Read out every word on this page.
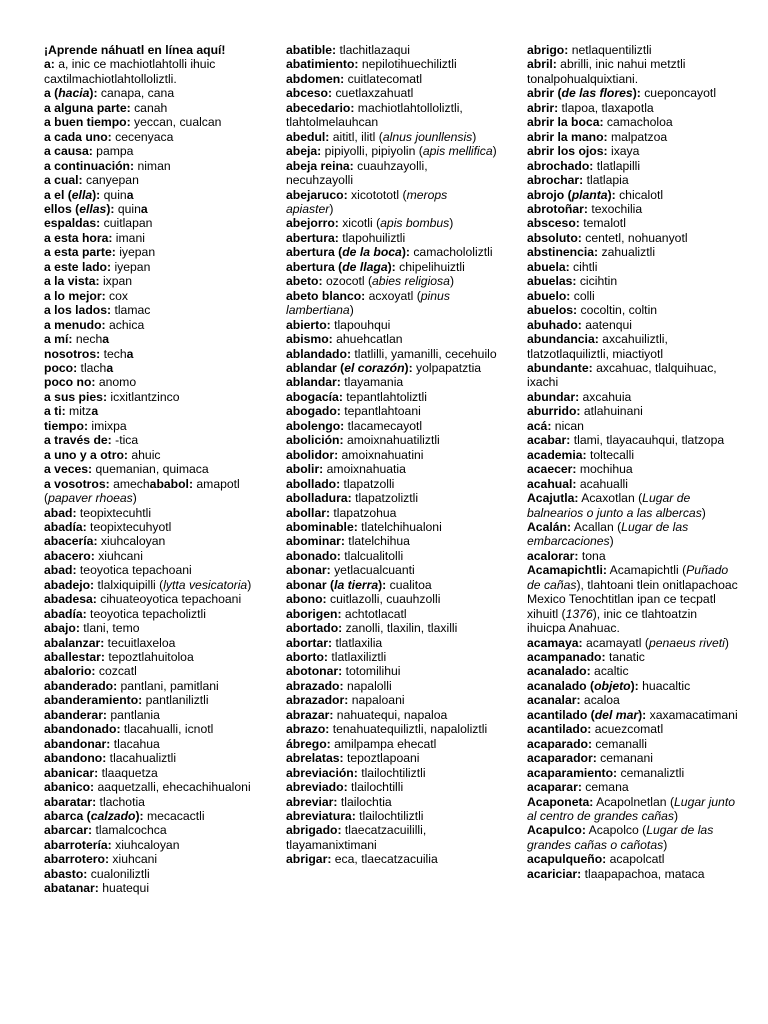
¡Aprende náhuatl en línea aquí!

a: a, inic ce machiotlahtolli ihuic caxtilmachiotlahtolloliztli.

a (hacia): canapa, cana

a alguna parte: canah

a buen tiempo: yeccan, cualcan

a cada uno: cecenyaca

a causa: pampa

a continuación: niman

a cual: canyepan

a el (ella): quina

ellos (ellas): quina

espaldas: cuitlapan

a esta hora: imani

a esta parte: iyepan

a este lado: iyepan

a la vista: ixpan

a lo mejor: cox

a los lados: tlamac

a menudo: achica

a mí: necha

nosotros: techa

poco: tlacha

poco no: anomo

a sus pies: icxitlantzinco

a ti: mitza

tiempo: imixpa

a través de: -tica

a uno y a otro: ahuic

a veces: quemanian, quimaca

a vosotros: amechababol: amapotl (papaver rhoeas)

abad: teopixtecuhtli

abadía: teopixtecuhyotl

abacería: xiuhcaloyan

abacero: xiuhcani

abad: teoyotica tepachoani

abadejo: tlalxiquipilli (lytta vesicatoria)

abadesa: cihuateoyotica tepachoani

abadía: teoyotica tepacholiztli

abajo: tlani, temo

abalanzar: tecuitlaxeloa

aballestar: tepoztlahuitoloa

abalorio: cozcatl

abanderado: pantlani, pamitlani

abanderamiento: pantlaniliztli

abanderar: pantlania

abandonado: tlacahualli, icnotl

abandonar: tlacahua

abandono: tlacahualiztli

abanicar: tlaaquetza

abanico: aaquetzalli, ehecachihualoni

abaratar: tlachotia

abarca (calzado): mecacactli

abarcar: tlamalcochca

abarrotería: xiuhcaloyan

abarrotero: xiuhcani

abasto: cualoniliztli

abatanar: huatequi

abatible: tlachitlazaqui

abatimiento: nepilotihuechiliztli

abdomen: cuitlatecomatl

abceso: cuetlaxzahuatl

abecedario: machiotlahtolloliztli, tlahtolmelauhcan

abedul: aititl, ilitl (alnus jounllensis)

abeja: pipiyolli, pipiyolin (apis mellifica)

abeja reina: cuauhzayolli, necuhzayolli

abejaruco: xicotototl (merops apiaster)

abejorro: xicotli (apis bombus)

abertura: tlapohuiliztli

abertura (de la boca): camachololiztli

abertura (de llaga): chipelihuiztli

abeto: ozocotl (abies religiosa)

abeto blanco: acxoyatl (pinus lambertiana)

abierto: tlapouhqui

abismo: ahuehcatlan

ablandado: tlatlilli, yamanilli, cecehuilo

ablandar (el corazón): yolpapatztia

ablandar: tlayamania

abogacía: tepantlahtoliztli

abogado: tepantlahtoani

abolengo: tlacamecayotl

abolición: amoixnahuatiliztli

abolidor: amoixnahuatini

abolir: amoixnahuatia

abollado: tlapatzolli

abolladura: tlapatzoliztli

abollar: tlapatzohua

abominable: tlatelchihualoni

abominar: tlatelchihua

abonado: tlalcualitolli

abonar: yetlacualcuanti

abonar (la tierra): cualitoa

abono: cuitlazolli, cuauhzolli

aborigen: achtotlacatl

abortado: zanolli, tlaxilin, tlaxilli

abortar: tlatlaxilia

aborto: tlatlaxiliztli

abotonar: totomilihui

abrazado: napalolli

abrazador: napaloani

abrazar: nahuatequi, napaloa

abrazo: tenahuatequiliztli, napaloliztli

ábrego: amilpampa ehecatl

abrelatas: tepoztlapoani

abreviación: tlailochtiliztli

abreviado: tlailochtilli

abreviar: tlailochtia

abreviatura: tlailochtiliztli

abrigado: tlaecatzacuililli, tlayamanixtimani

abrigar: eca, tlaecatzacuilia

abrigo: netlaquentiliztli

abril: abrilli, inic nahui metztli tonalpohualquixtiani.

abrir (de las flores): cueponcayotl

abrir: tlapoa, tlaxapotla

abrir la boca: camacholoa

abrir la mano: malpatzoa

abrir los ojos: ixaya

abrochado: tlatlapilli

abrochar: tlatlapia

abrojo (planta): chicalotl

abrotoñar: texochilia

absceso: temalotl

absoluto: centetl, nohuanyotl

abstinencia: zahualiztli

abuela: cihtli

abuelas: cicihtin

abuelo: colli

abuelos: cocoltin, coltin

abuhado: aatenqui

abundancia: axcahuiliztli, tlatzotlaquiliztli, miactiyotl

abundante: axcahuac, tlalquihuac, ixachi

abundar: axcahuia

aburrido: atlahuinani

acá: nican

acabar: tlami, tlayacauhqui, tlatzopa

academia: toltecalli

acaecer: mochihua

acahual: acahualli

Acajutla: Acaxotlan (Lugar de balnearios o junto a las albercas)

Acalán: Acallan (Lugar de las embarcaciones)

acalorar: tona

Acamapichtli: Acamapichtli (Puñado de cañas), tlahtoani tlein onitlapachoac Mexico Tenochtitlan ipan ce tecpatl xihuitl (1376), inic ce tlahtoatzin ihuicpa Anahuac.

acamaya: acamayatl (penaeus riveti)

acampanado: tanatic

acanalado: acaltic

acanalado (objeto): huacaltic

acanalar: acaloa

acantilado (del mar): xaxamacatimani

acantilado: acuezcomatl

acaparado: cemanalli

acaparador: cemanani

acaparamiento: cemanaliztli

acaparar: cemana

Acaponeta: Acapolnetlan (Lugar junto al centro de grandes cañas)

Acapulco: Acapolco (Lugar de las grandes cañas o cañotas)

acapulqueño: acapolcatl

acariciar: tlaapapachoa, mataca
